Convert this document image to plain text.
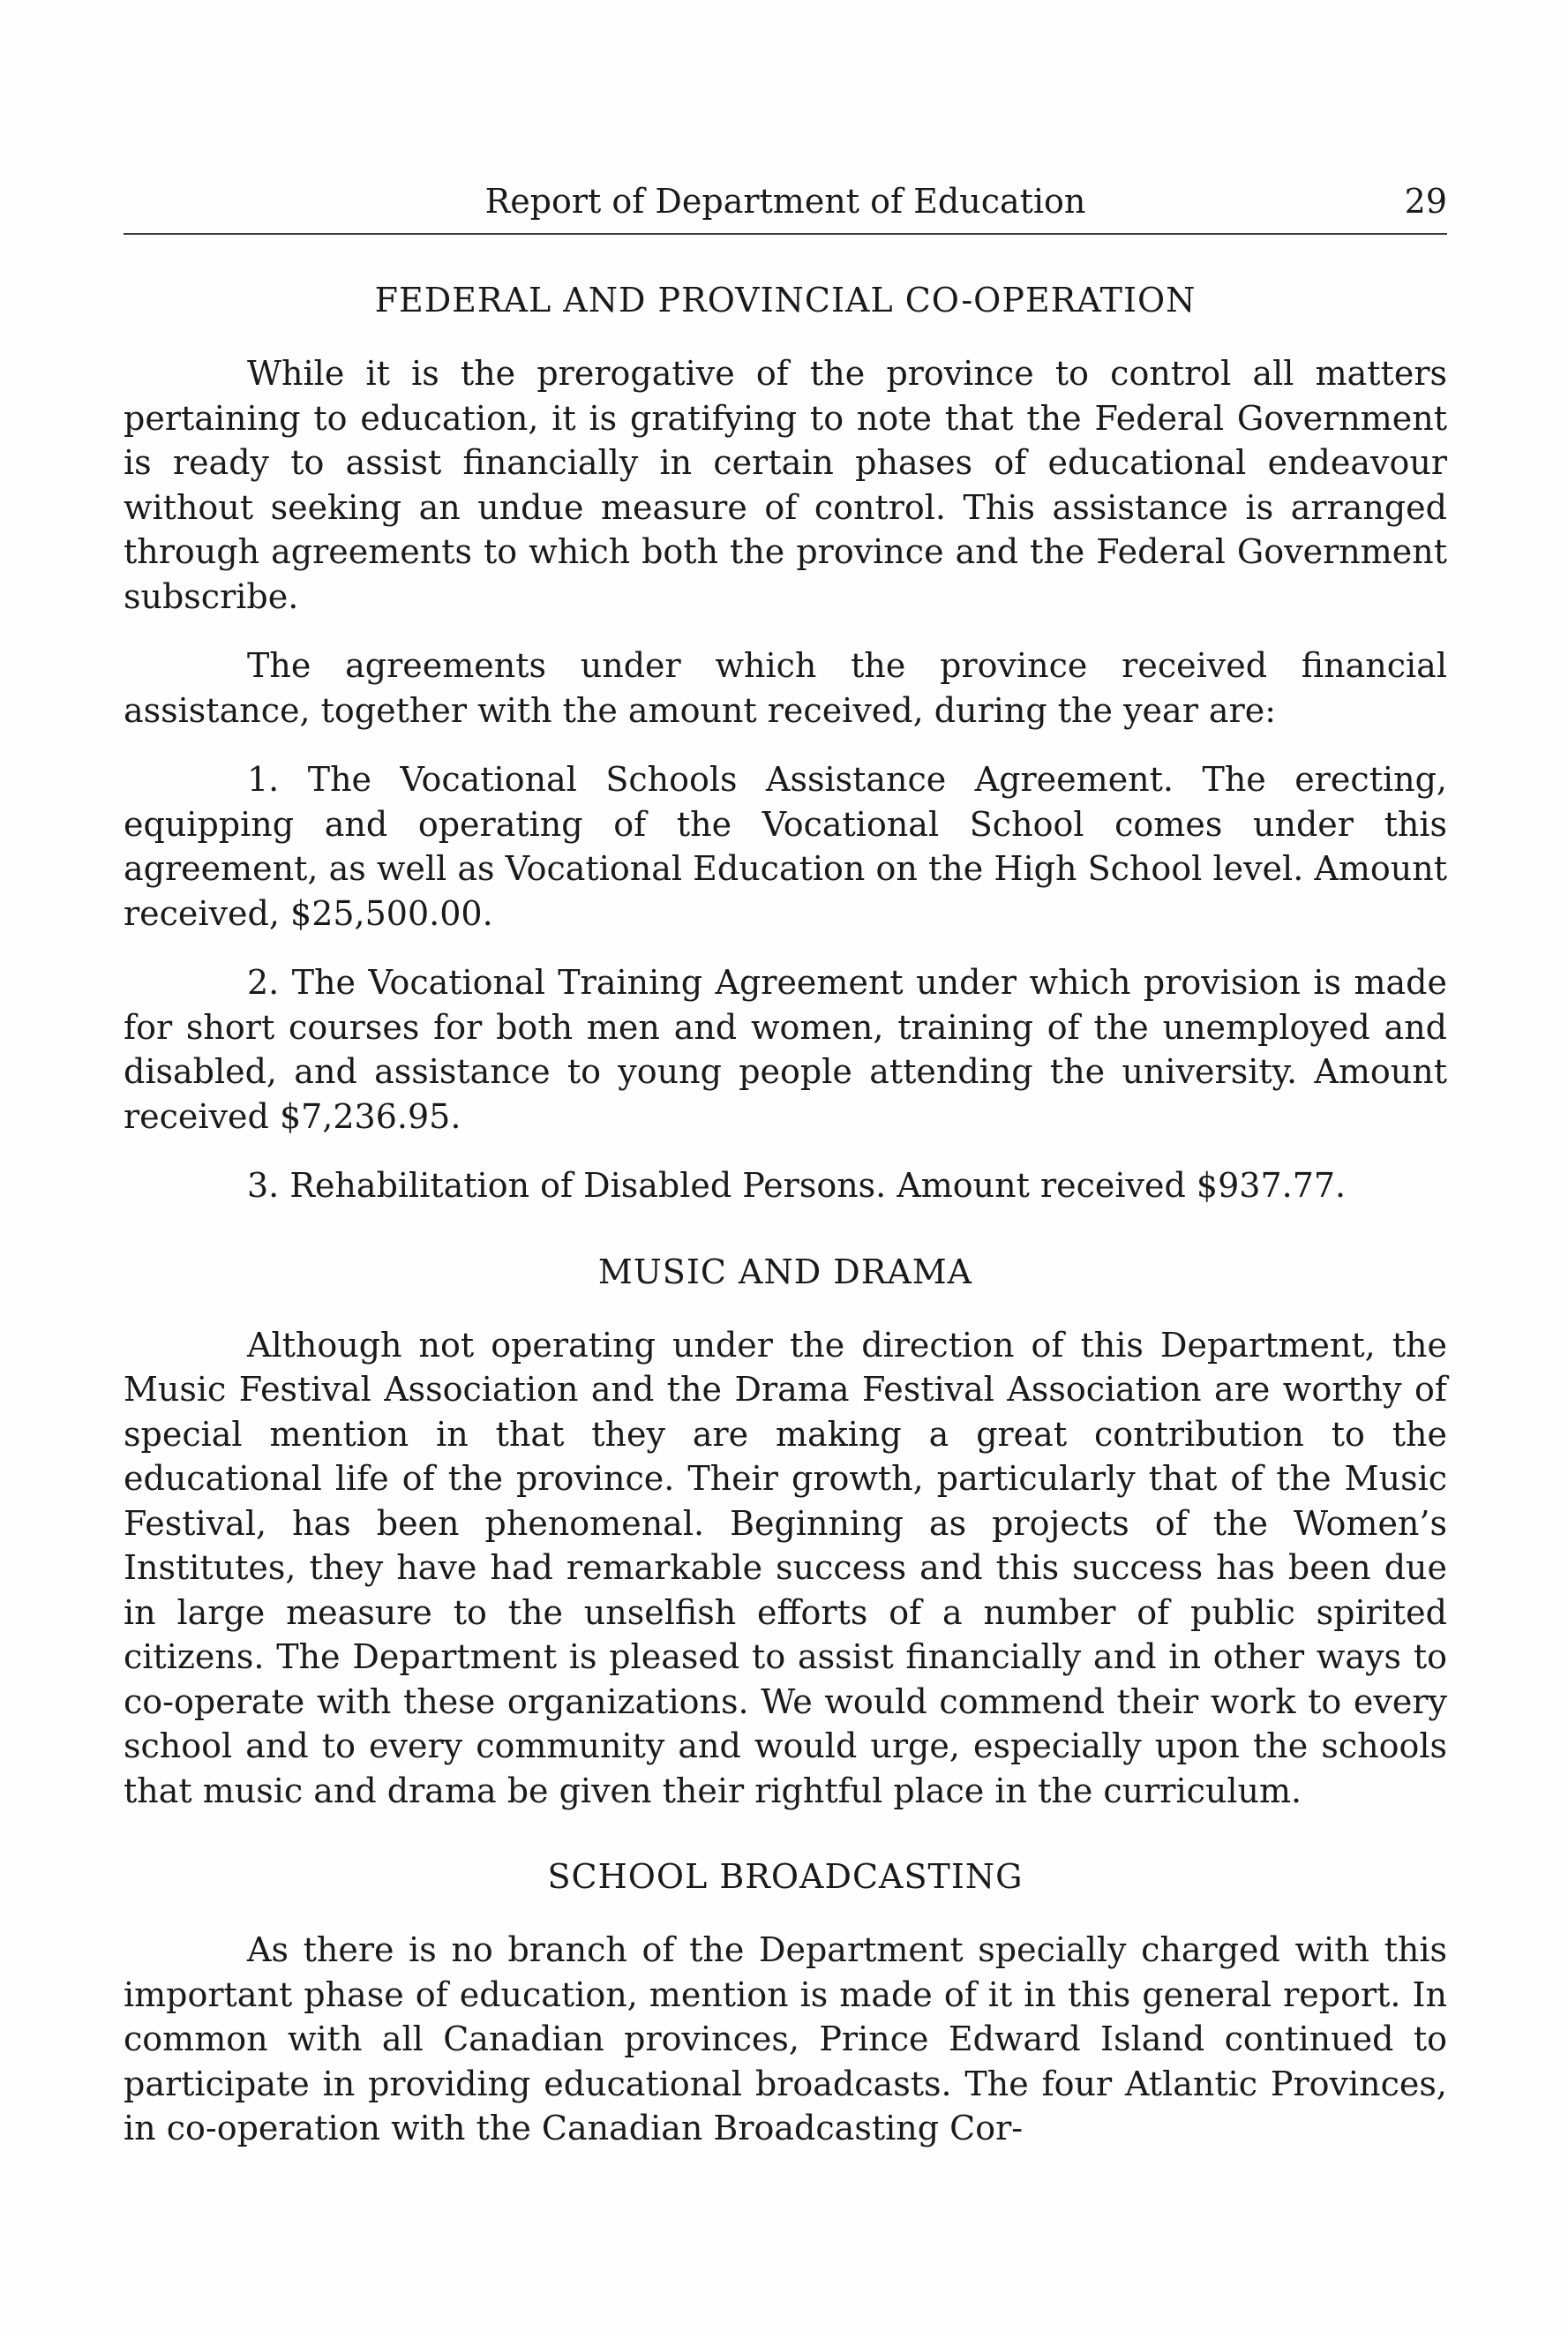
Report of Department of Education	29
FEDERAL AND PROVINCIAL CO-OPERATION

While it is the prerogative of the province to control all matters pertaining to education, it is gratifying to note that the Federal Government is ready to assist financially in certain phases of educational endeavour without seeking an undue measure of control. This assistance is arranged through agreements to which both the province and the Federal Government subscribe.

The agreements under which the province received financial assistance, together with the amount received, during the year are:

1. The Vocational Schools Assistance Agreement. The erecting, equipping and operating of the Vocational School comes under this agreement, as well as Vocational Education on the High School level. Amount received, $25,500.00.

2. The Vocational Training Agreement under which provision is made for short courses for both men and women, training of the unemployed and disabled, and assistance to young people attending the university. Amount received $7,236.95.

3. Rehabilitation of Disabled Persons. Amount received $937.77.

MUSIC AND DRAMA

Although not operating under the direction of this Department, the Music Festival Association and the Drama Festival Association are worthy of special mention in that they are making a great contribution to the educational life of the province. Their growth, particularly that of the Music Festival, has been phenomenal. Beginning as projects of the Women’s Institutes, they have had remarkable success and this success has been due in large measure to the unselfish efforts of a number of public spirited citizens. The Department is pleased to assist financially and in other ways to co-operate with these organizations. We would commend their work to every school and to every community and would urge, especially upon the schools that music and drama be given their rightful place in the curriculum.

SCHOOL BROADCASTING

As there is no branch of the Department specially charged with this important phase of education, mention is made of it in this general report. In common with all Canadian provinces, Prince Edward Island continued to participate in providing educational broadcasts. The four Atlantic Provinces, in co-operation with the Canadian Broadcasting Cor-
